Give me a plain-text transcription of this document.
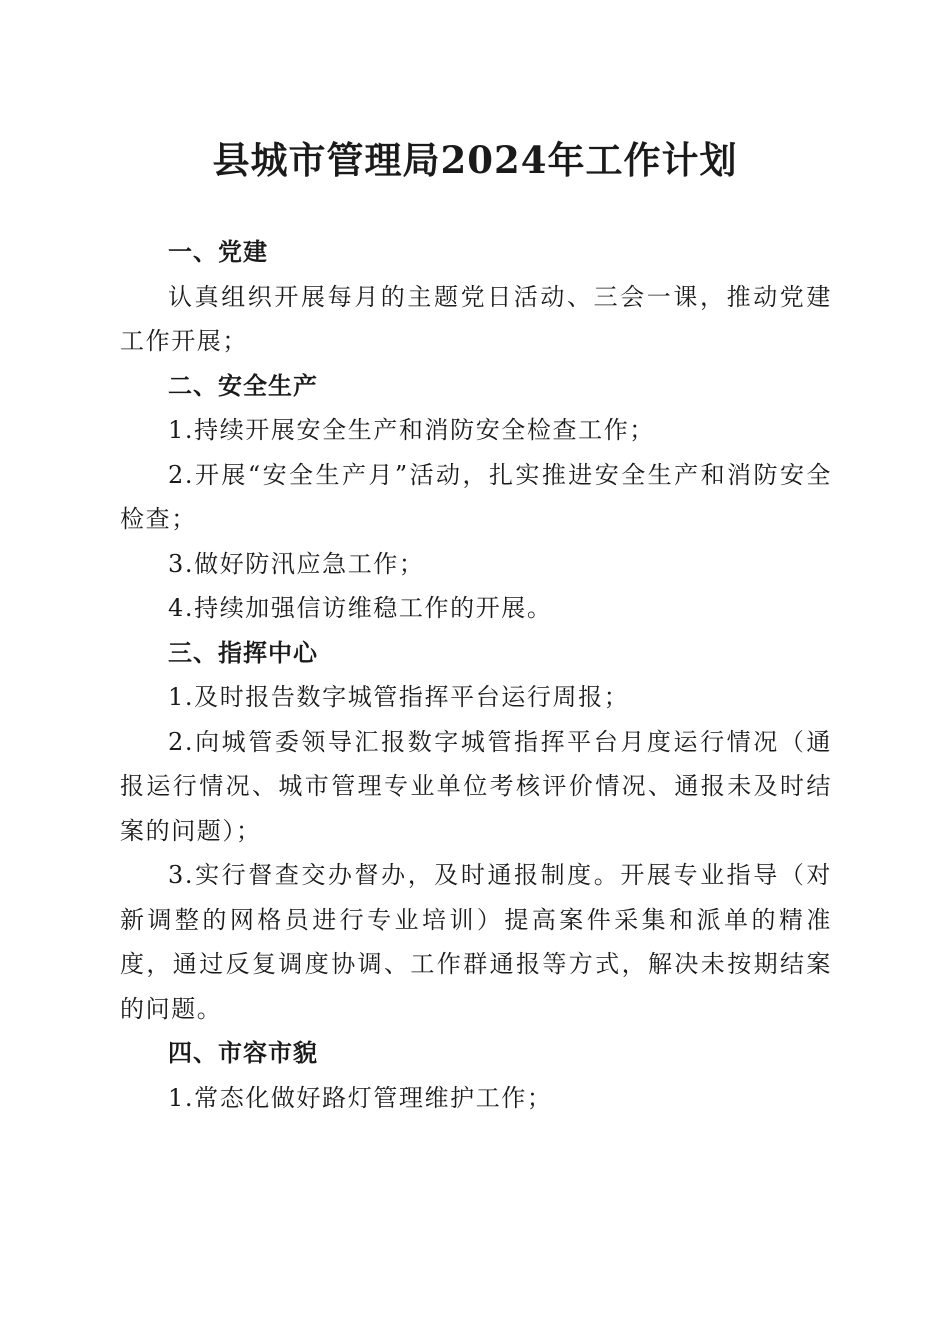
县城市管理局2024年工作计划

一、党建

认真组织开展每月的主题党日活动、三会一课，推动党建工作开展；

二、安全生产

1.持续开展安全生产和消防安全检查工作；

2.开展“安全生产月”活动，扎实推进安全生产和消防安全检查；

3.做好防汛应急工作；

4.持续加强信访维稳工作的开展。

三、指挥中心

1.及时报告数字城管指挥平台运行周报；

2.向城管委领导汇报数字城管指挥平台月度运行情况（通报运行情况、城市管理专业单位考核评价情况、通报未及时结案的问题）；

3.实行督查交办督办，及时通报制度。开展专业指导（对新调整的网格员进行专业培训）提高案件采集和派单的精准度，通过反复调度协调、工作群通报等方式，解决未按期结案的问题。

四、市容市貌

1.常态化做好路灯管理维护工作；
